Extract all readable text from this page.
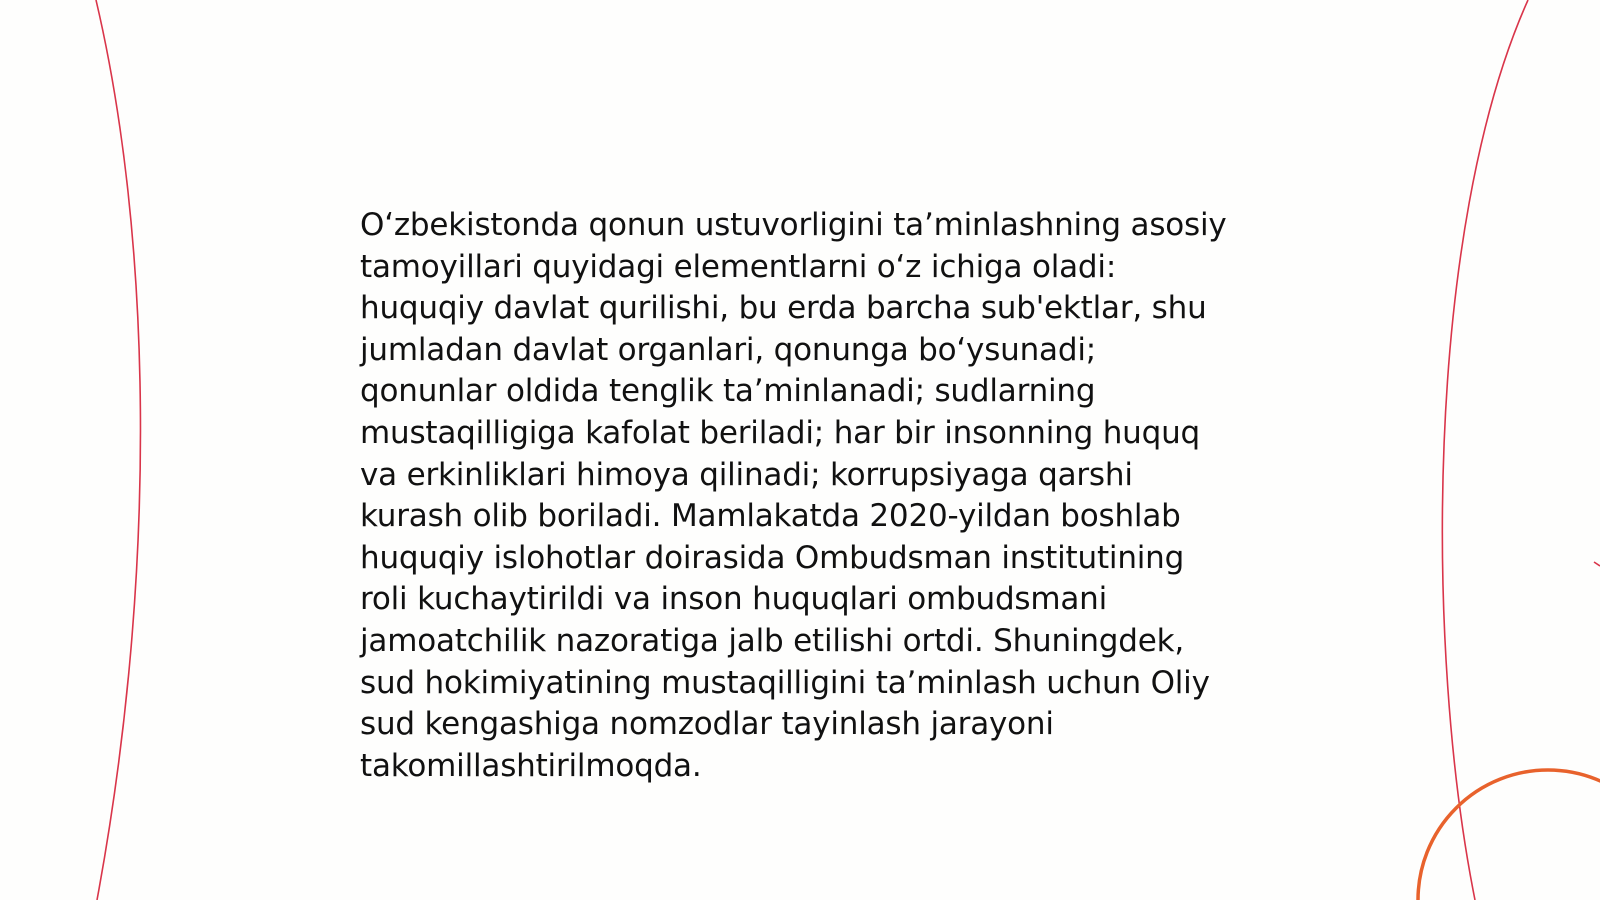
O‘zbekistonda qonun ustuvorligini ta’minlashning asosiy tamoyillari quyidagi elementlarni o‘z ichiga oladi: huquqiy davlat qurilishi, bu erda barcha sub'ektlar, shu jumladan davlat organlari, qonunga bo‘ysunadi; qonunlar oldida tenglik ta’minlanadi; sudlarning mustaqilligiga kafolat beriladi; har bir insonning huquq va erkinliklari himoya qilinadi; korrupsiyaga qarshi kurash olib boriladi. Mamlakatda 2020-yildan boshlab huquqiy islohotlar doirasida Ombudsman institutining roli kuchaytirildi va inson huquqlari ombudsmani jamoatchilik nazoratiga jalb etilishi ortdi. Shuningdek, sud hokimiyatining mustaqilligini ta’minlash uchun Oliy sud kengashiga nomzodlar tayinlash jarayoni takomillashtirilmoqda.
